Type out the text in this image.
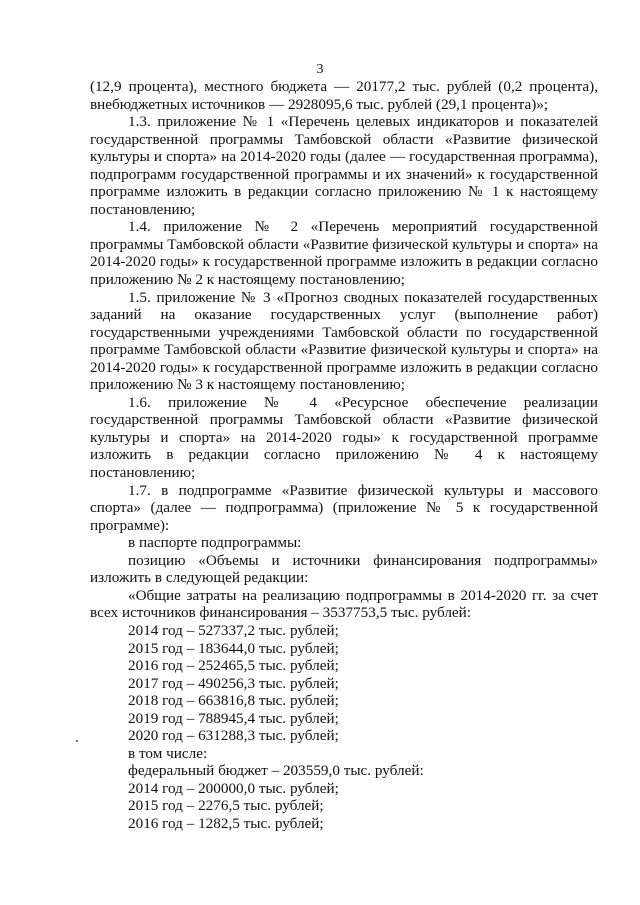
3

(12,9 процента), местного бюджета — 20177,2 тыс. рублей (0,2 процента), внебюджетных источников — 2928095,6 тыс. рублей (29,1 процента)»;

1.3. приложение № 1 «Перечень целевых индикаторов и показателей государственной программы Тамбовской области «Развитие физической культуры и спорта» на 2014-2020 годы (далее — государственная программа), подпрограмм государственной программы и их значений» к государственной программе изложить в редакции согласно приложению № 1 к настоящему постановлению;

1.4. приложение № 2 «Перечень мероприятий государственной программы Тамбовской области «Развитие физической культуры и спорта» на 2014-2020 годы» к государственной программе изложить в редакции согласно приложению № 2 к настоящему постановлению;

1.5. приложение № 3 «Прогноз сводных показателей государственных заданий на оказание государственных услуг (выполнение работ) государственными учреждениями Тамбовской области по государственной программе Тамбовской области «Развитие физической культуры и спорта» на 2014-2020 годы» к государственной программе изложить в редакции согласно приложению № 3 к настоящему постановлению;

1.6. приложение № 4 «Ресурсное обеспечение реализации государственной программы Тамбовской области «Развитие физической культуры и спорта» на 2014-2020 годы» к государственной программе изложить в редакции согласно приложению № 4 к настоящему постановлению;

1.7. в подпрограмме «Развитие физической культуры и массового спорта» (далее — подпрограмма) (приложение № 5 к государственной программе):

в паспорте подпрограммы:

позицию «Объемы и источники финансирования подпрограммы» изложить в следующей редакции:

«Общие затраты на реализацию подпрограммы в 2014-2020 гг. за счет всех источников финансирования – 3537753,5 тыс. рублей:

2014 год – 527337,2 тыс. рублей;

2015 год – 183644,0 тыс. рублей;

2016 год – 252465,5 тыс. рублей;

2017 год – 490256,3 тыс. рублей;

2018 год – 663816,8 тыс. рублей;

2019 год – 788945,4 тыс. рублей;

2020 год – 631288,3 тыс. рублей;

в том числе:

федеральный бюджет – 203559,0 тыс. рублей:

2014 год – 200000,0 тыс. рублей;

2015 год – 2276,5 тыс. рублей;

2016 год – 1282,5 тыс. рублей;
